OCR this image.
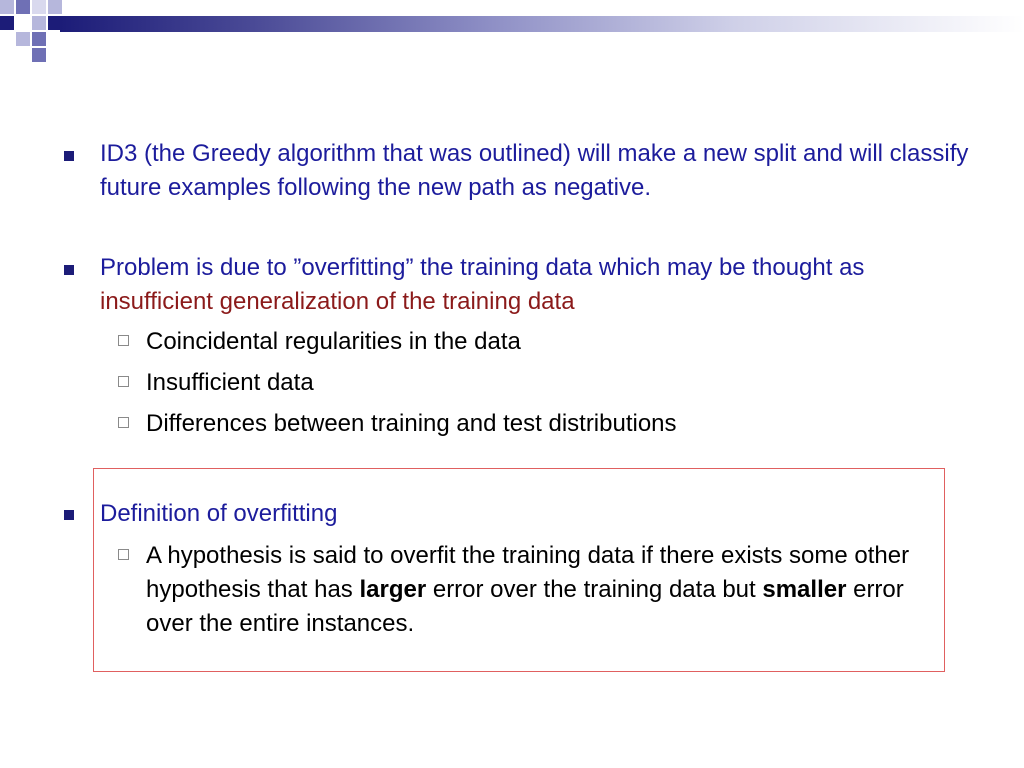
ID3 (the Greedy algorithm that was outlined) will make a new split and will classify future examples following the new path as negative.
Problem is due to ”overfitting” the training data which may be thought as insufficient generalization of the training data
Coincidental regularities in the data
Insufficient data
Differences between training and test distributions
Definition of overfitting
A hypothesis is said to overfit the training data if there exists some other hypothesis that has larger error over the training data but smaller error over the entire instances.
